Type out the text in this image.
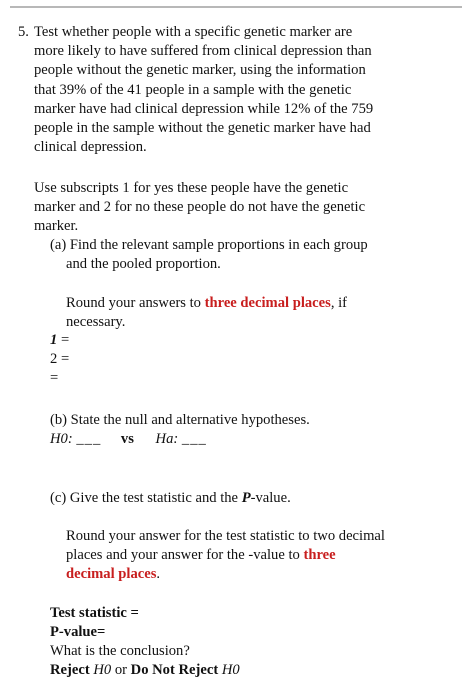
5. Test whether people with a specific genetic marker are
more likely to have suffered from clinical depression than
people without the genetic marker, using the information
that 39% of the 41 people in a sample with the genetic
marker have had clinical depression while 12% of the 759
people in the sample without the genetic marker have had
clinical depression.
Use subscripts 1 for yes these people have the genetic
marker and 2 for no these people do not have the genetic
marker.
(a) Find the relevant sample proportions in each group
and the pooled proportion.
Round your answers to three decimal places, if
necessary.
1 =
2 =
=
(b) State the null and alternative hypotheses.
H0: ___ vs Ha: ___
(c) Give the test statistic and the P-value.
Round your answer for the test statistic to two decimal
places and your answer for the -value to three
decimal places.
Test statistic =
P-value=
What is the conclusion?
Reject H0 or Do Not Reject H0
